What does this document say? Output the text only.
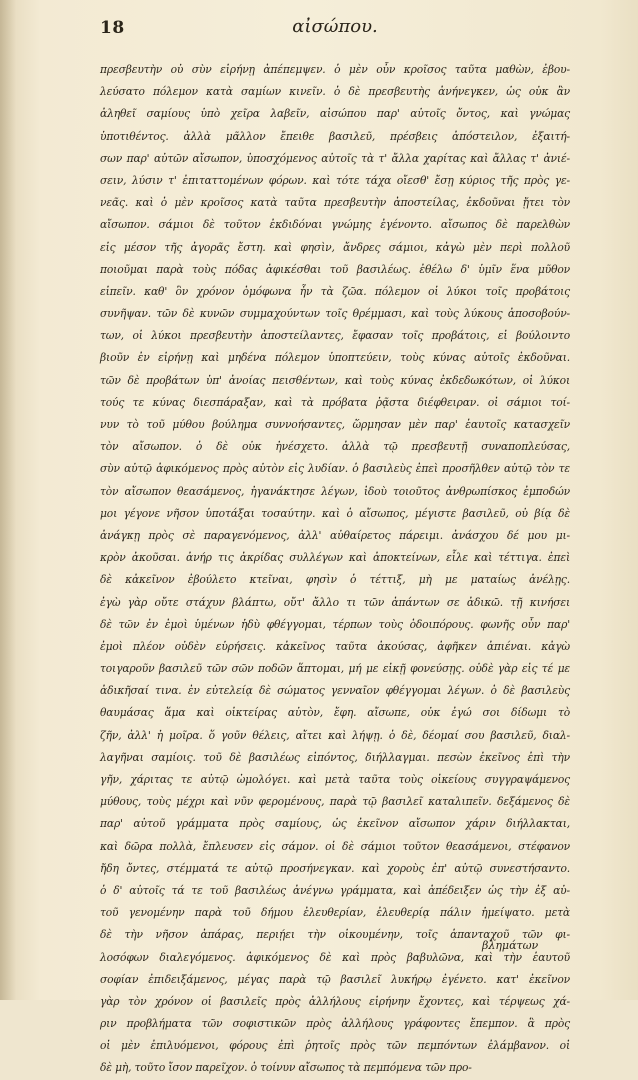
18	αἰσώπου.
πρεσβευτὴν οὐ σὺν εἰρήνῃ ἀπέπεμψεν. ὁ μὲν οὖν κροῖσος ταῦτα μαθὼν, ἐβου-
λεύσατο πόλεμον κατὰ σαμίων κινεῖν. ὁ δὲ πρεσβευτὴς ἀνήνεγκεν, ὡς οὐκ ἂν
ἀληθεῖ σαμίους ὑπὸ χεῖρα λαβεῖν, αἰσώπου παρ' αὐτοῖς ὄντος, καὶ γνώμας
ὑποτιθέντος. ἀλλὰ μᾶλλον ἔπειθε βασιλεῦ, πρέσβεις ἀπόστειλον, ἐξαιτή-
σων παρ' αὐτῶν αἴσωπον, ὑποσχόμενος αὐτοῖς τὰ τ' ἄλλα χαρίτας καὶ ἄλλας τ' ἀνιέ-
σειν, λύσιν τ' ἐπιταττομένων φόρων. καὶ τότε τάχα οἴεσθ' ἔσῃ κύριος τῆς πρὸς γε-
νεᾶς. καὶ ὁ μὲν κροῖσος κατὰ ταῦτα πρεσβευτὴν ἀποστείλας, ἐκδοῦναι ᾔτει τὸν
αἴσωπον. σάμιοι δὲ τοῦτον ἐκδιδόναι γνώμης ἐγένοντο. αἴσωπος δὲ παρελθὼν
εἰς μέσον τῆς ἀγορᾶς ἔστη. καὶ φησὶν, ἄνδρες σάμιοι, κἀγὼ μὲν περὶ πολλοῦ
ποιοῦμαι παρὰ τοὺς πόδας ἀφικέσθαι τοῦ βασιλέως. ἐθέλω δ' ὑμῖν ἕνα μῦθον
εἰπεῖν. καθ' ὃν χρόνον ὁμόφωνα ἦν τὰ ζῶα. πόλεμον οἱ λύκοι τοῖς προβάτοις
συνῆψαν. τῶν δὲ κυνῶν συμμαχούντων τοῖς θρέμμασι, καὶ τοὺς λύκους ἀποσοβούν-
των, οἱ λύκοι πρεσβευτὴν ἀποστείλαντες, ἔφασαν τοῖς προβάτοις, εἰ βούλοιντο
βιοῦν ἐν εἰρήνῃ καὶ μηδένα πόλεμον ὑποπτεύειν, τοὺς κύνας αὐτοῖς ἐκδοῦναι.
τῶν δὲ προβάτων ὑπ' ἀνοίας πεισθέντων, καὶ τοὺς κύνας ἐκδεδωκότων, οἱ λύκοι
τούς τε κύνας διεσπάραξαν, καὶ τὰ πρόβατα ῥᾷστα διέφθειραν. οἱ σάμιοι τοί-
νυν τὸ τοῦ μύθου βούλημα συννοήσαντες, ὥρμησαν μὲν παρ' ἑαυτοῖς κατασχεῖν
τὸν αἴσωπον. ὁ δὲ οὐκ ἠνέσχετο. ἀλλὰ τῷ πρεσβευτῇ συναποπλεύσας,
σὺν αὐτῷ ἀφικόμενος πρὸς αὐτὸν εἰς λυδίαν. ὁ βασιλεὺς ἐπεὶ προσῆλθεν αὐτῷ τὸν τε
τὸν αἴσωπον θεασάμενος, ἠγανάκτησε λέγων, ἰδοὺ τοιοῦτος ἀνθρωπίσκος ἐμποδών
μοι γέγονε νῆσον ὑποτάξαι τοσαύτην. καὶ ὁ αἴσωπος, μέγιστε βασιλεῦ, οὐ βίᾳ δὲ
ἀνάγκῃ πρὸς σὲ παραγενόμενος, ἀλλ' αὐθαίρετος πάρειμι. ἀνάσχου δέ μου μι-
κρὸν ἀκοῦσαι. ἀνήρ τις ἀκρίδας συλλέγων καὶ ἀποκτείνων, εἷλε καὶ τέττιγα. ἐπεὶ
δὲ κἀκεῖνον ἐβούλετο κτεῖναι, φησὶν ὁ τέττιξ, μὴ με ματαίως ἀνέλῃς.
ἐγὼ γὰρ οὔτε στάχυν βλάπτω, οὔτ' ἄλλο τι τῶν ἁπάντων σε ἀδικῶ. τῇ κινήσει
δὲ τῶν ἐν ἐμοὶ ὑμένων ἡδὺ φθέγγομαι, τέρπων τοὺς ὁδοιπόρους. φωνῆς οὖν παρ'
ἐμοὶ πλέον οὐδὲν εὑρήσεις. κἀκεῖνος ταῦτα ἀκούσας, ἀφῆκεν ἀπιέναι. κἀγὼ
τοιγαροῦν βασιλεῦ τῶν σῶν ποδῶν ἅπτομαι, μή με εἰκῇ φονεύσῃς. οὐδὲ γὰρ εἰς τέ με
ἀδικῆσαί τινα. ἐν εὐτελείᾳ δὲ σώματος γενναῖον φθέγγομαι λέγων. ὁ δὲ βασιλεὺς
θαυμάσας ἅμα καὶ οἰκτείρας αὐτὸν, ἔφη. αἴσωπε, οὐκ ἐγώ σοι δίδωμι τὸ
ζῆν, ἀλλ' ἡ μοῖρα. ὅ γοῦν θέλεις, αἴτει καὶ λήψῃ. ὁ δὲ, δέομαί σου βασιλεῦ, διαλ-
λαγῆναι σαμίοις. τοῦ δὲ βασιλέως εἰπόντος, διήλλαγμαι. πεσὼν ἐκεῖνος ἐπὶ τὴν
γῆν, χάριτας τε αὐτῷ ὡμολόγει. καὶ μετὰ ταῦτα τοὺς οἰκείους συγγραψάμενος
μύθους, τοὺς μέχρι καὶ νῦν φερομένους, παρὰ τῷ βασιλεῖ καταλιπεῖν. δεξάμενος δὲ
παρ' αὐτοῦ γράμματα πρὸς σαμίους, ὡς ἐκεῖνον αἴσωπον χάριν διήλλακται,
καὶ δῶρα πολλὰ, ἔπλευσεν εἰς σάμον. οἱ δὲ σάμιοι τοῦτον θεασάμενοι, στέφανον
ἤδη ὄντες, στέμματά τε αὐτῷ προσήνεγκαν. καὶ χοροὺς ἐπ' αὐτῷ συνεστήσαντο.
ὁ δ' αὐτοῖς τά τε τοῦ βασιλέως ἀνέγνω γράμματα, καὶ ἀπέδειξεν ὡς τὴν ἐξ αὐ-
τοῦ γενομένην παρὰ τοῦ δήμου ἐλευθερίαν, ἐλευθερίᾳ πάλιν ἠμείψατο. μετὰ
δὲ τὴν νῆσον ἀπάρας, περιῄει τὴν οἰκουμένην, τοῖς ἁπανταχοῦ τῶν φι-
λοσόφων διαλεγόμενος. ἀφικόμενος δὲ καὶ πρὸς βαβυλῶνα, καὶ τὴν ἑαυτοῦ
σοφίαν ἐπιδειξάμενος, μέγας παρὰ τῷ βασιλεῖ λυκήρῳ ἐγένετο. κατ' ἐκεῖνον
γὰρ τὸν χρόνον οἱ βασιλεῖς πρὸς ἀλλήλους εἰρήνην ἔχοντες, καὶ τέρψεως χά-
ριν προβλήματα τῶν σοφιστικῶν πρὸς ἀλλήλους γράφοντες ἔπεμπον. ἃ πρὸς
οἱ μὲν ἐπιλυόμενοι, φόρους ἐπὶ ῥητοῖς πρὸς τῶν πεμπόντων ἐλάμβανον. οἱ
δὲ μὴ, τοῦτο ἴσον παρεῖχον. ὁ τοίνυν αἴσωπος τὰ πεμπόμενα τῶν προ-
βλημάτων
